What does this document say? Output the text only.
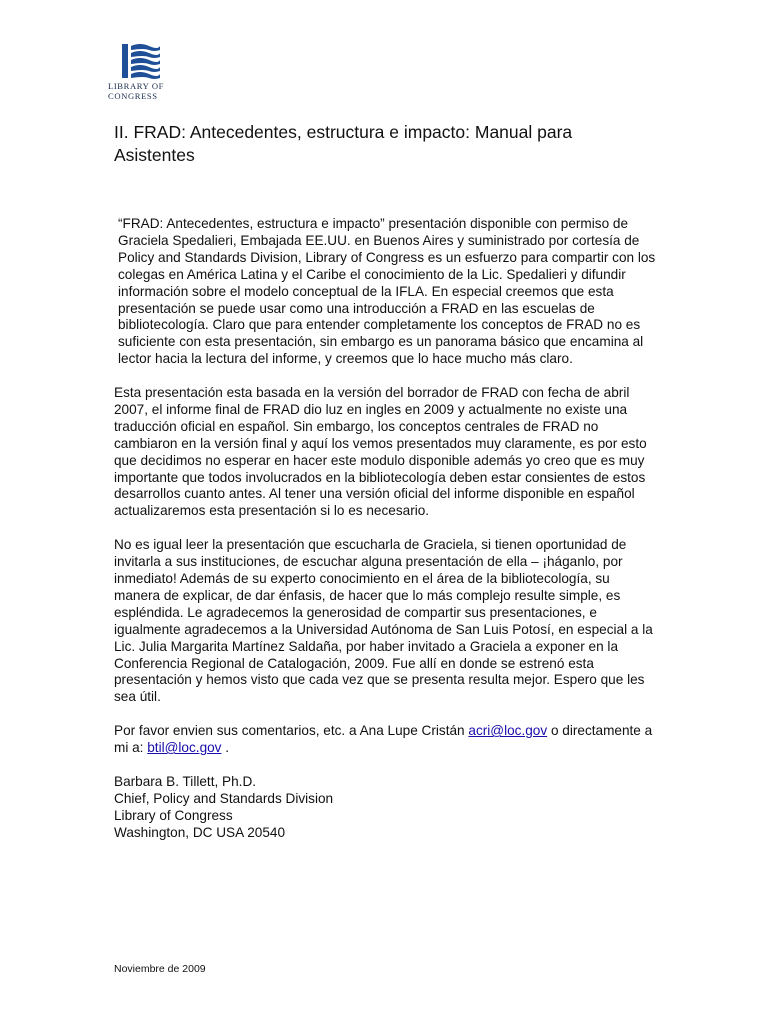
LIBRARY OF
CONGRESS
II. FRAD: Antecedentes, estructura e impacto: Manual para Asistentes

“FRAD: Antecedentes, estructura e impacto” presentación disponible con permiso de Graciela Spedalieri, Embajada EE.UU. en Buenos Aires y suministrado por cortesía de Policy and Standards Division, Library of Congress es un esfuerzo para compartir con los colegas en América Latina y el Caribe el conocimiento de la Lic. Spedalieri y difundir información sobre el modelo conceptual de la IFLA. En especial creemos que esta presentación se puede usar como una introducción a FRAD en las escuelas de bibliotecología. Claro que para entender completamente los conceptos de FRAD no es suficiente con esta presentación, sin embargo es un panorama básico que encamina al lector hacia la lectura del informe, y creemos que lo hace mucho más claro.

Esta presentación esta basada en la versión del borrador de FRAD con fecha de abril 2007, el informe final de FRAD dio luz en ingles en 2009 y actualmente no existe una traducción oficial en español. Sin embargo, los conceptos centrales de FRAD no cambiaron en la versión final y aquí los vemos presentados muy claramente, es por esto que decidimos no esperar en hacer este modulo disponible además yo creo que es muy importante que todos involucrados en la bibliotecología deben estar consientes de estos desarrollos cuanto antes. Al tener una versión oficial del informe disponible en español actualizaremos esta presentación si lo es necesario.

No es igual leer la presentación que escucharla de Graciela, si tienen oportunidad de invitarla a sus instituciones, de escuchar alguna presentación de ella – ¡háganlo, por inmediato! Además de su experto conocimiento en el área de la bibliotecología, su manera de explicar, de dar énfasis, de hacer que lo más complejo resulte simple, es espléndida. Le agradecemos la generosidad de compartir sus presentaciones, e igualmente agradecemos a la Universidad Autónoma de San Luis Potosí, en especial a la Lic. Julia Margarita Martínez Saldaña, por haber invitado a Graciela a exponer en la Conferencia Regional de Catalogación, 2009. Fue allí en donde se estrenó esta presentación y hemos visto que cada vez que se presenta resulta mejor. Espero que les sea útil.

Por favor envien sus comentarios, etc. a Ana Lupe Cristán acri@loc.gov o directamente a mi a: btil@loc.gov .

Barbara B. Tillett, Ph.D.

Chief, Policy and Standards Division

Library of Congress

Washington, DC USA 20540

Noviembre de 2009
